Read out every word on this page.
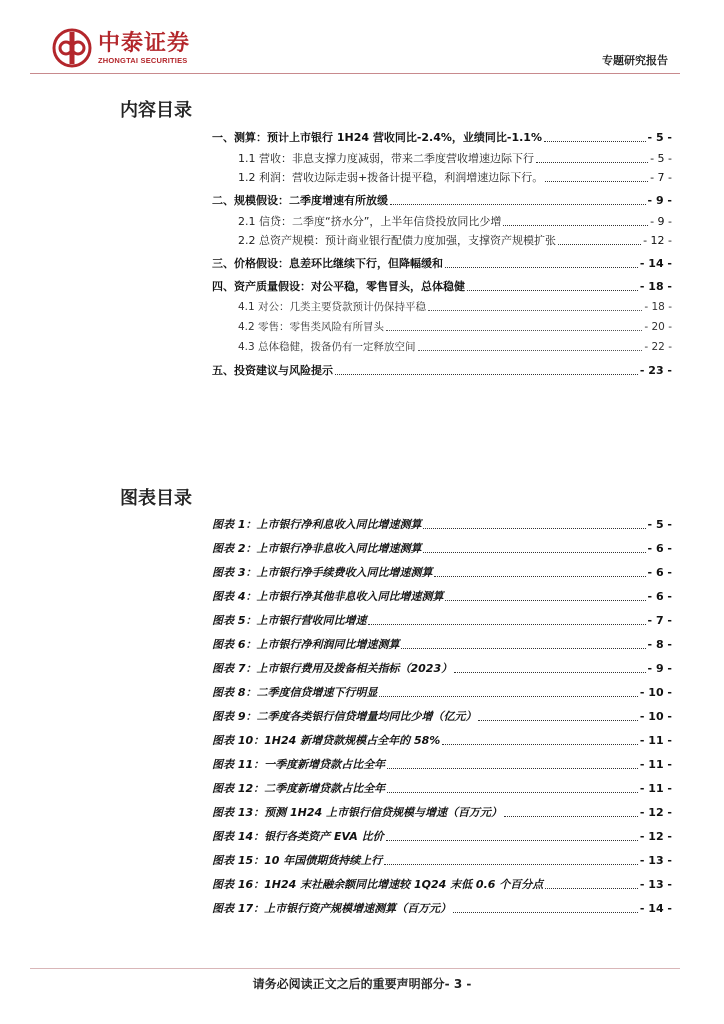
中泰证券
ZHONGTAI SECURITIES	专题研究报告
内容目录
一、测算：预计上市银行 1H24 营收同比-2.4%，业绩同比-1.1%	- 5 -
1.1 营收：非息支撑力度减弱，带来二季度营收增速边际下行	- 5 -
1.2 利润：营收边际走弱+拨备计提平稳，利润增速边际下行。	- 7 -
二、规模假设：二季度增速有所放缓	- 9 -
2.1 信贷：二季度“挤水分”，上半年信贷投放同比少增	- 9 -
2.2 总资产规模：预计商业银行配债力度加强，支撑资产规模扩张	- 12 -
三、价格假设：息差环比继续下行，但降幅缓和	- 14 -
四、资产质量假设：对公平稳，零售冒头，总体稳健	- 18 -
4.1 对公：几类主要贷款预计仍保持平稳	- 18 -
4.2 零售：零售类风险有所冒头	- 20 -
4.3 总体稳健，拨备仍有一定释放空间	- 22 -
五、投资建议与风险提示	- 23 -
图表目录
图表 1：上市银行净利息收入同比增速测算	- 5 -
图表 2：上市银行净非息收入同比增速测算	- 6 -
图表 3：上市银行净手续费收入同比增速测算	- 6 -
图表 4：上市银行净其他非息收入同比增速测算	- 6 -
图表 5：上市银行营收同比增速	- 7 -
图表 6：上市银行净利润同比增速测算	- 8 -
图表 7：上市银行费用及拨备相关指标（2023）	- 9 -
图表 8：二季度信贷增速下行明显	- 10 -
图表 9：二季度各类银行信贷增量均同比少增（亿元）	- 10 -
图表 10：1H24 新增贷款规模占全年的 58%	- 11 -
图表 11：一季度新增贷款占比全年	- 11 -
图表 12：二季度新增贷款占比全年	- 11 -
图表 13：预测 1H24 上市银行信贷规模与增速（百万元）	- 12 -
图表 14：银行各类资产 EVA 比价	- 12 -
图表 15：10 年国债期货持续上行	- 13 -
图表 16：1H24 末社融余额同比增速较 1Q24 末低 0.6 个百分点	- 13 -
图表 17：上市银行资产规模增速测算（百万元）	- 14 -
请务必阅读正文之后的重要声明部分- 3 -
